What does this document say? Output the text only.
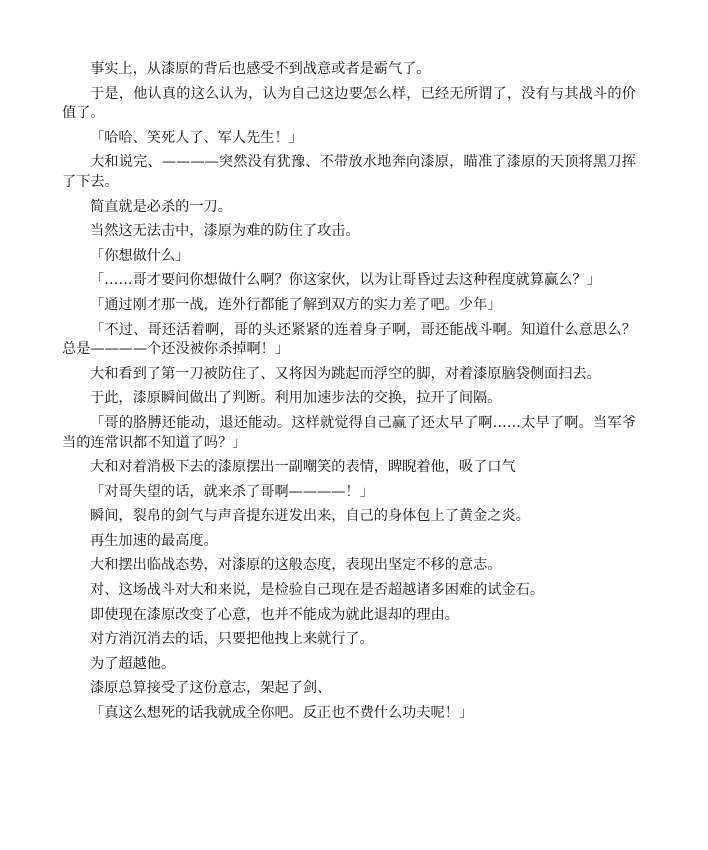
事实上，从漆原的背后也感受不到战意或者是霸气了。

于是，他认真的这么认为，认为自己这边要怎么样，已经无所谓了，没有与其战斗的价值了。

「哈哈、笑死人了、军人先生！」

大和说完、————突然没有犹豫、不带放水地奔向漆原，瞄准了漆原的天顶将黑刀挥了下去。

简直就是必杀的一刀。

当然这无法击中，漆原为难的防住了攻击。

「你想做什么」

「……哥才要问你想做什么啊？你这家伙，以为让哥昏过去这种程度就算赢么？」

「通过刚才那一战，连外行都能了解到双方的实力差了吧。少年」

「不过、哥还活着啊，哥的头还紧紧的连着身子啊，哥还能战斗啊。知道什么意思么？总是————个还没被你杀掉啊！」

大和看到了第一刀被防住了、又将因为跳起而浮空的脚，对着漆原脑袋侧面扫去。

于此，漆原瞬间做出了判断。利用加速步法的交换，拉开了间隔。

「哥的胳膊还能动，退还能动。这样就觉得自己赢了还太早了啊……太早了啊。当军爷当的连常识都不知道了吗？」

大和对着消极下去的漆原摆出一副嘲笑的表情，睥睨着他，吸了口气

「对哥失望的话，就来杀了哥啊————！」

瞬间，裂帛的剑气与声音提东迸发出来，自己的身体包上了黄金之炎。

再生加速的最高度。

大和摆出临战态势，对漆原的这般态度，表现出坚定不移的意志。

对、这场战斗对大和来说，是检验自己现在是否超越诸多困难的试金石。

即使现在漆原改变了心意，也并不能成为就此退却的理由。

对方消沉消去的话，只要把他拽上来就行了。

为了超越他。

漆原总算接受了这份意志，架起了剑、

「真这么想死的话我就成全你吧。反正也不费什么功夫呢！」
